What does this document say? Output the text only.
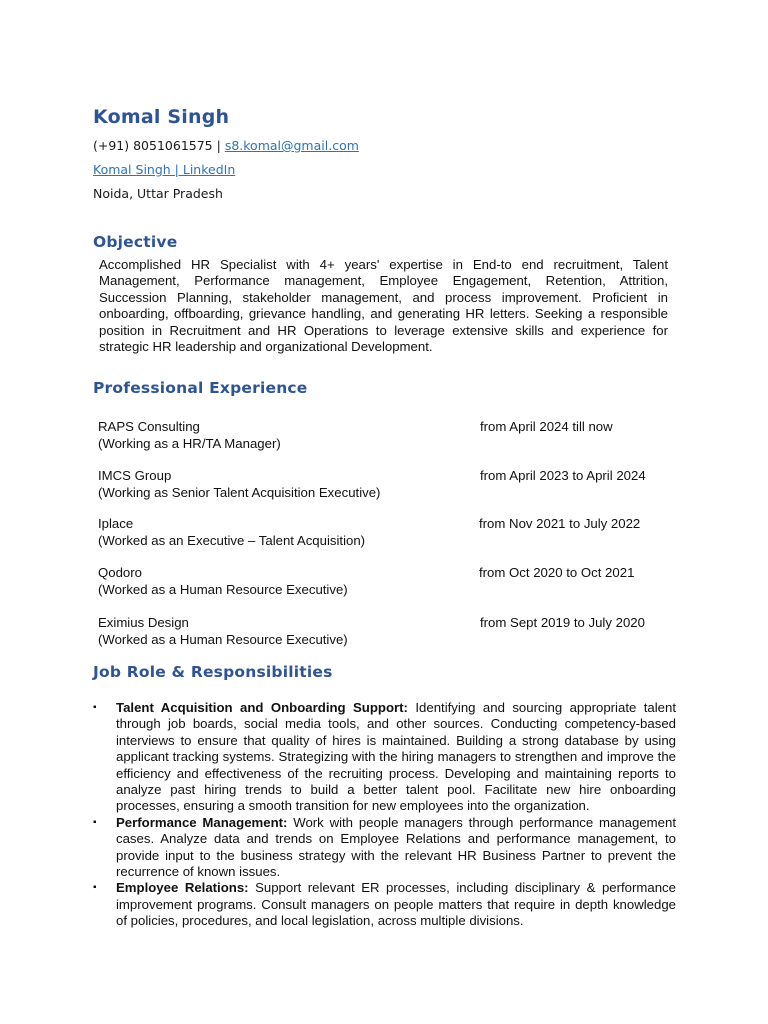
Komal Singh
(+91) 8051061575 | s8.komal@gmail.com
Komal Singh | LinkedIn
Noida, Uttar Pradesh
Objective
Accomplished HR Specialist with 4+ years' expertise in End-to end recruitment, Talent Management, Performance management, Employee Engagement, Retention, Attrition, Succession Planning, stakeholder management, and process improvement. Proficient in onboarding, offboarding, grievance handling, and generating HR letters. Seeking a responsible position in Recruitment and HR Operations to leverage extensive skills and experience for strategic HR leadership and organizational Development.
Professional Experience
RAPS Consulting
(Working as a HR/TA Manager)
from April 2024 till now
IMCS Group
(Working as Senior Talent Acquisition Executive)
from April 2023 to April 2024
Iplace
(Worked as an Executive – Talent Acquisition)
from Nov 2021 to July 2022
Qodoro
(Worked as a Human Resource Executive)
from Oct 2020 to Oct 2021
Eximius Design
(Worked as a Human Resource Executive)
from Sept 2019 to July 2020
Job Role & Responsibilities
▪ Talent Acquisition and Onboarding Support: Identifying and sourcing appropriate talent through job boards, social media tools, and other sources. Conducting competency-based interviews to ensure that quality of hires is maintained. Building a strong database by using applicant tracking systems. Strategizing with the hiring managers to strengthen and improve the efficiency and effectiveness of the recruiting process. Developing and maintaining reports to analyze past hiring trends to build a better talent pool. Facilitate new hire onboarding processes, ensuring a smooth transition for new employees into the organization.
▪ Performance Management: Work with people managers through performance management cases. Analyze data and trends on Employee Relations and performance management, to provide input to the business strategy with the relevant HR Business Partner to prevent the recurrence of known issues.
▪ Employee Relations: Support relevant ER processes, including disciplinary & performance improvement programs. Consult managers on people matters that require in depth knowledge of policies, procedures, and local legislation, across multiple divisions.
